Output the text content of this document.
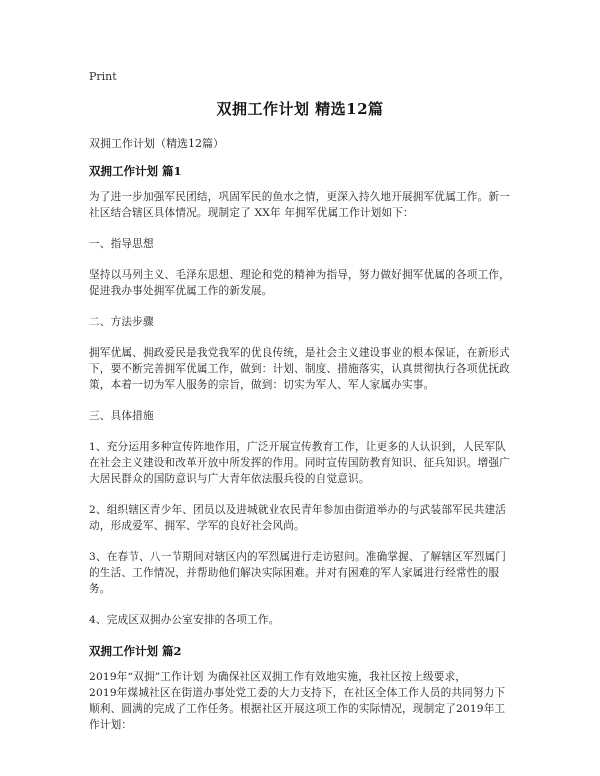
Print
双拥工作计划 精选12篇
双拥工作计划（精选12篇）
双拥工作计划 篇1
为了进一步加强军民团结，巩固军民的鱼水之情，更深入持久地开展拥军优属工作。新一社区结合辖区具体情况。现制定了 XX年 年拥军优属工作计划如下：
一、指导思想
坚持以马列主义、毛泽东思想、理论和党的精神为指导，努力做好拥军优属的各项工作，促进我办事处拥军优属工作的新发展。
二、方法步骤
拥军优属、拥政爱民是我党我军的优良传统，是社会主义建设事业的根本保证，在新形式下，要不断完善拥军优属工作，做到：计划、制度、措施落实，认真贯彻执行各项优抚政策，本着一切为军人服务的宗旨，做到：切实为军人、军人家属办实事。
三、具体措施
1、充分运用多种宣传阵地作用，广泛开展宣传教育工作，让更多的人认识到，人民军队在社会主义建设和改革开放中所发挥的作用。同时宣传国防教育知识、征兵知识。增强广大居民群众的国防意识与广大青年依法服兵役的自觉意识。
2、组织辖区青少年、团员以及进城就业农民青年参加由街道举办的与武装部军民共建活动，形成爱军、拥军、学军的良好社会风尚。
3、在春节、八一节期间对辖区内的军烈属进行走访慰问。准确掌握、了解辖区军烈属门的生活、工作情况，并帮助他们解决实际困难。并对有困难的军人家属进行经常性的服务。
4、完成区双拥办公室安排的各项工作。
双拥工作计划 篇2
2019年“双拥”工作计划 为确保社区双拥工作有效地实施，我社区按上级要求，
2019年煤城社区在街道办事处党工委的大力支持下，在社区全体工作人员的共同努力下顺利、圆满的完成了工作任务。根据社区开展这项工作的实际情况，现制定了2019年工作计划：
